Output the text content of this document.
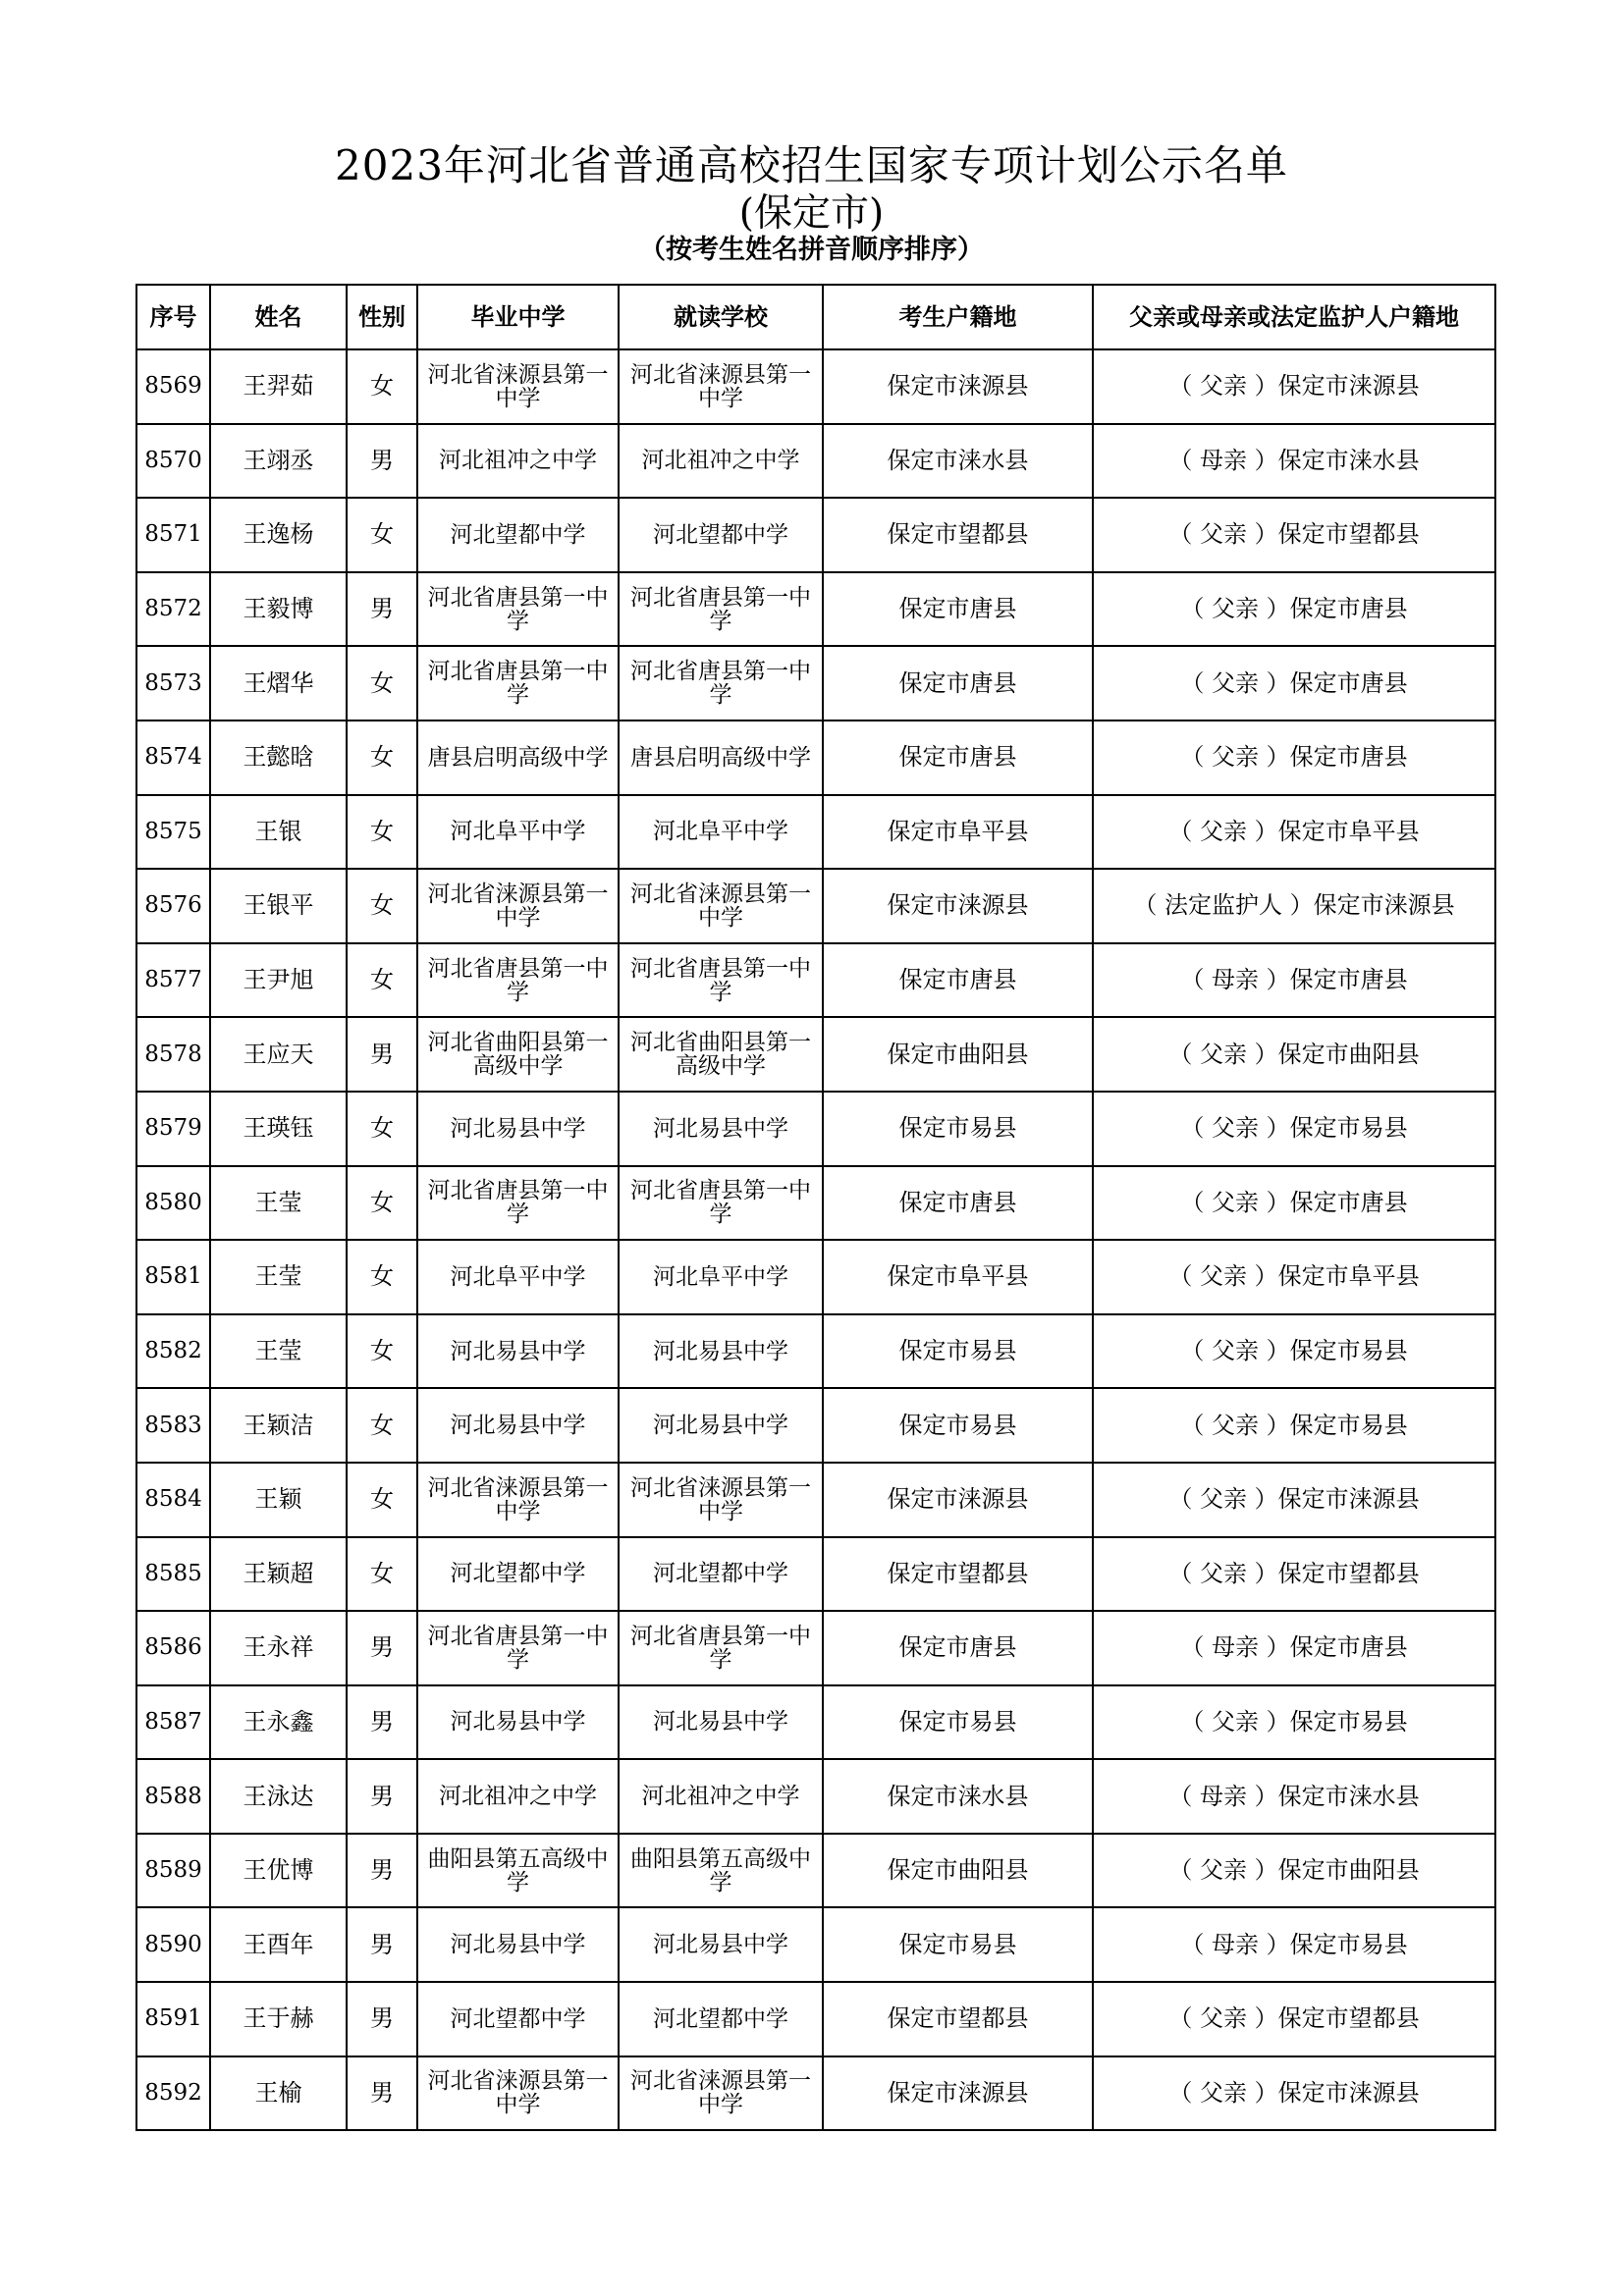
2023年河北省普通高校招生国家专项计划公示名单
(保定市)
（按考生姓名拼音顺序排序）
序号	姓名	性别	毕业中学	就读学校	考生户籍地	父亲或母亲或法定监护人户籍地
8569	王羿茹	女	河北省涞源县第一中学	河北省涞源县第一中学	保定市涞源县	（ 父亲 ）保定市涞源县
8570	王翊丞	男	河北祖冲之中学	河北祖冲之中学	保定市涞水县	（ 母亲 ）保定市涞水县
8571	王逸杨	女	河北望都中学	河北望都中学	保定市望都县	（ 父亲 ）保定市望都县
8572	王毅博	男	河北省唐县第一中学	河北省唐县第一中学	保定市唐县	（ 父亲 ）保定市唐县
8573	王熠华	女	河北省唐县第一中学	河北省唐县第一中学	保定市唐县	（ 父亲 ）保定市唐县
8574	王懿晗	女	唐县启明高级中学	唐县启明高级中学	保定市唐县	（ 父亲 ）保定市唐县
8575	王银	女	河北阜平中学	河北阜平中学	保定市阜平县	（ 父亲 ）保定市阜平县
8576	王银平	女	河北省涞源县第一中学	河北省涞源县第一中学	保定市涞源县	（ 法定监护人 ）保定市涞源县
8577	王尹旭	女	河北省唐县第一中学	河北省唐县第一中学	保定市唐县	（ 母亲 ）保定市唐县
8578	王应天	男	河北省曲阳县第一高级中学	河北省曲阳县第一高级中学	保定市曲阳县	（ 父亲 ）保定市曲阳县
8579	王瑛钰	女	河北易县中学	河北易县中学	保定市易县	（ 父亲 ）保定市易县
8580	王莹	女	河北省唐县第一中学	河北省唐县第一中学	保定市唐县	（ 父亲 ）保定市唐县
8581	王莹	女	河北阜平中学	河北阜平中学	保定市阜平县	（ 父亲 ）保定市阜平县
8582	王莹	女	河北易县中学	河北易县中学	保定市易县	（ 父亲 ）保定市易县
8583	王颖洁	女	河北易县中学	河北易县中学	保定市易县	（ 父亲 ）保定市易县
8584	王颖	女	河北省涞源县第一中学	河北省涞源县第一中学	保定市涞源县	（ 父亲 ）保定市涞源县
8585	王颖超	女	河北望都中学	河北望都中学	保定市望都县	（ 父亲 ）保定市望都县
8586	王永祥	男	河北省唐县第一中学	河北省唐县第一中学	保定市唐县	（ 母亲 ）保定市唐县
8587	王永鑫	男	河北易县中学	河北易县中学	保定市易县	（ 父亲 ）保定市易县
8588	王泳达	男	河北祖冲之中学	河北祖冲之中学	保定市涞水县	（ 母亲 ）保定市涞水县
8589	王优博	男	曲阳县第五高级中学	曲阳县第五高级中学	保定市曲阳县	（ 父亲 ）保定市曲阳县
8590	王酉年	男	河北易县中学	河北易县中学	保定市易县	（ 母亲 ）保定市易县
8591	王于赫	男	河北望都中学	河北望都中学	保定市望都县	（ 父亲 ）保定市望都县
8592	王榆	男	河北省涞源县第一中学	河北省涞源县第一中学	保定市涞源县	（ 父亲 ）保定市涞源县
